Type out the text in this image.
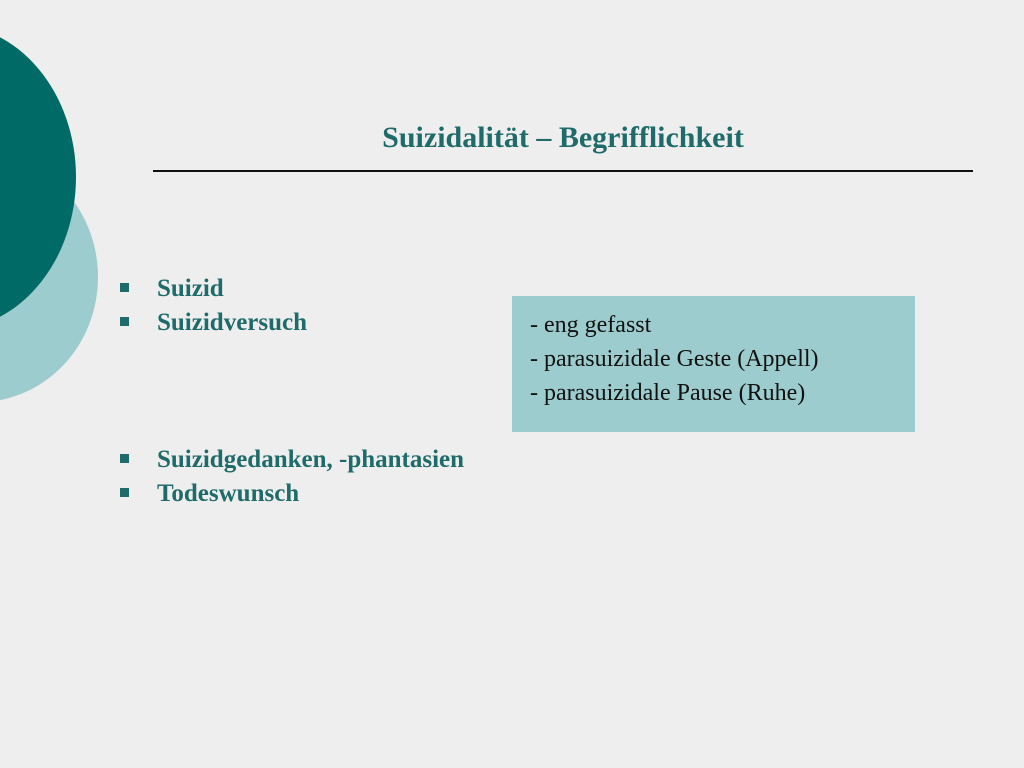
Suizidalität – Begrifflichkeit
Suizid
Suizidversuch	- eng gefasst
- parasuizidale Geste (Appell)
- parasuizidale Pause (Ruhe)
Suizidgedanken, -phantasien
Todeswunsch
